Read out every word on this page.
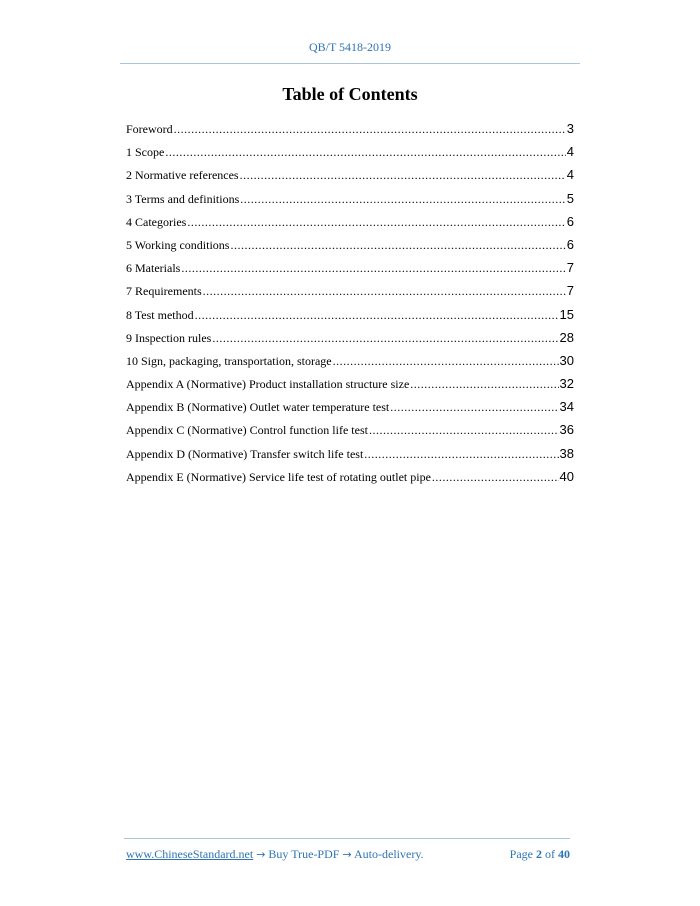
QB/T 5418-2019
Table of Contents
Foreword .....	3
1 Scope .....	4
2 Normative references .....	4
3 Terms and definitions .....	5
4 Categories .....	6
5 Working conditions .....	6
6 Materials .....	7
7 Requirements .....	7
8 Test method .....	15
9 Inspection rules .....	28
10 Sign, packaging, transportation, storage .....	30
Appendix A (Normative) Product installation structure size .....	32
Appendix B (Normative) Outlet water temperature test .....	34
Appendix C (Normative) Control function life test .....	36
Appendix D (Normative) Transfer switch life test .....	38
Appendix E (Normative) Service life test of rotating outlet pipe .....	40
www.ChineseStandard.net → Buy True-PDF → Auto-delivery.	Page 2 of 40
